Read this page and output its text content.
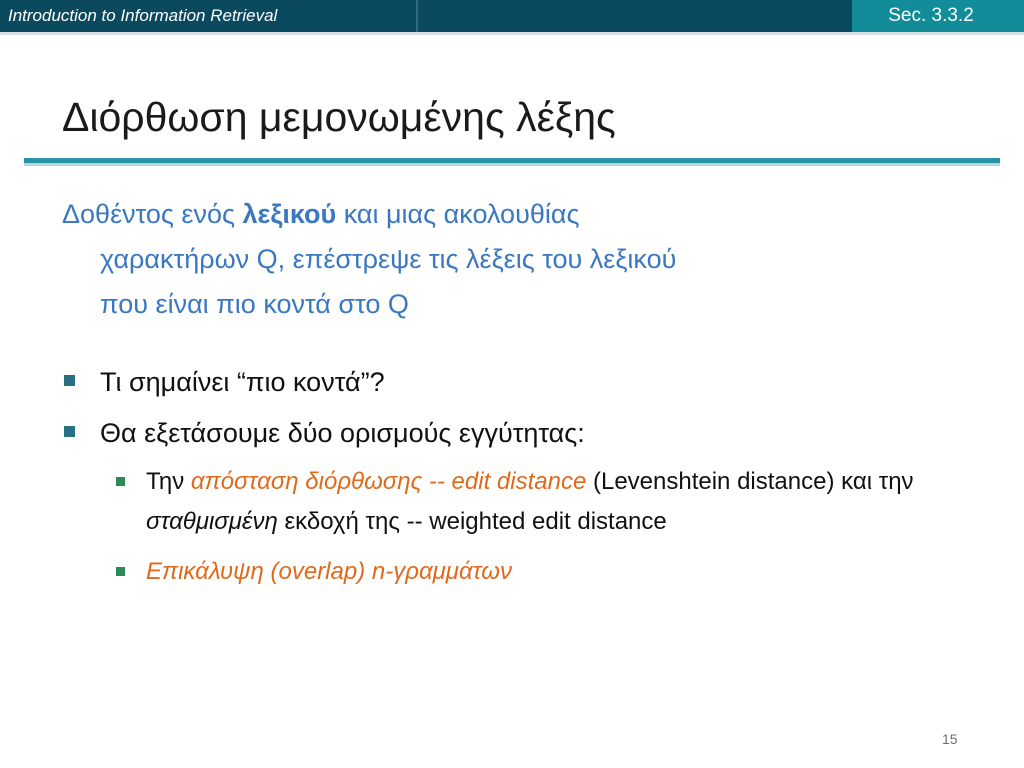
Introduction to Information Retrieval	Sec. 3.3.2
Διόρθωση μεμονωμένης λέξης
Δοθέντος ενός λεξικού και μιας ακολουθίας
χαρακτήρων Q, επέστρεψε τις λέξεις του λεξικού
που είναι πιο κοντά στο Q
Τι σημαίνει “πιο κοντά”?
Θα εξετάσουμε δύο ορισμούς εγγύτητας:
Την απόσταση διόρθωσης -- edit distance (Levenshtein distance) και την σταθμισμένη εκδοχή της -- weighted edit distance
Επικάλυψη (overlap) n-γραμμάτων
15
